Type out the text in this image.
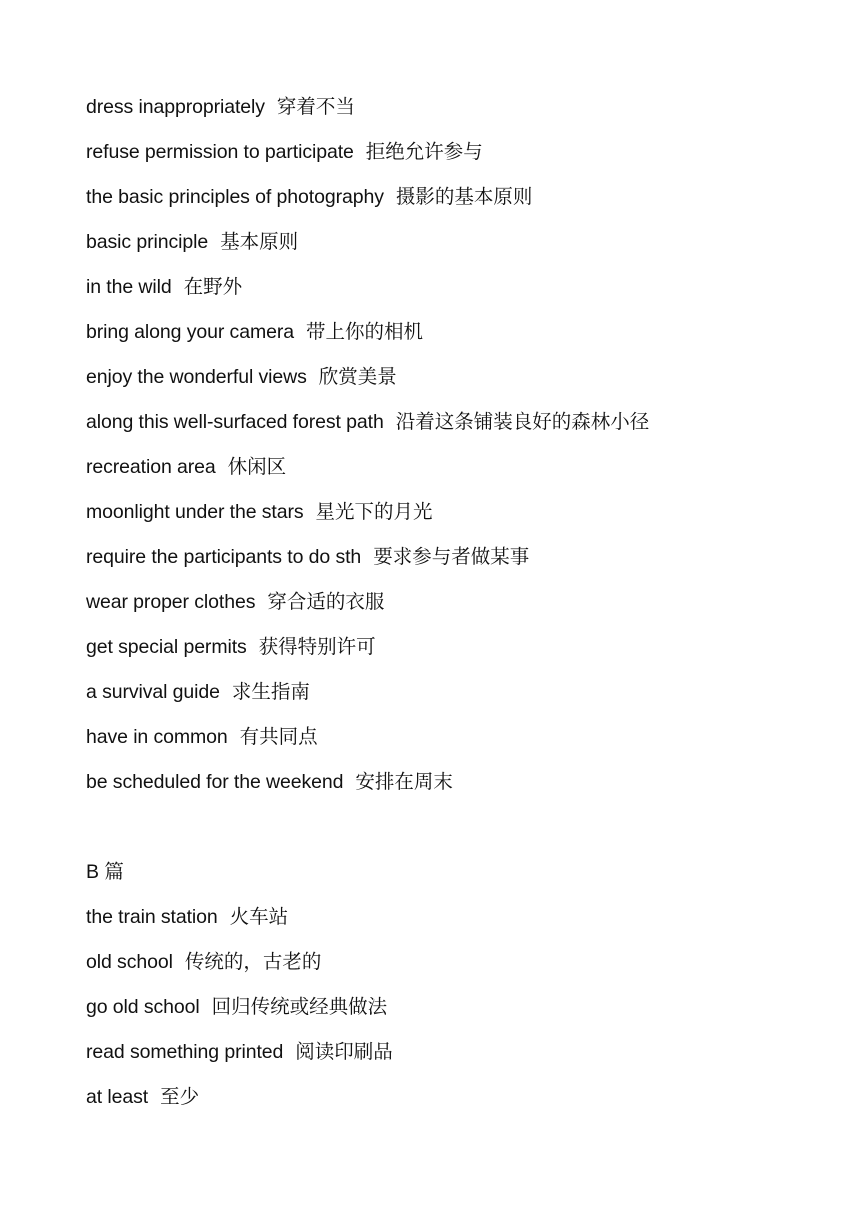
dress inappropriately 穿着不当
refuse permission to participate 拒绝允许参与
the basic principles of photography 摄影的基本原则
basic principle 基本原则
in the wild 在野外
bring along your camera 带上你的相机
enjoy the wonderful views 欣赏美景
along this well-surfaced forest path 沿着这条铺装良好的森林小径
recreation area 休闲区
moonlight under the stars 星光下的月光
require the participants to do sth 要求参与者做某事
wear proper clothes 穿合适的衣服
get special permits 获得特别许可
a survival guide 求生指南
have in common 有共同点
be scheduled for the weekend 安排在周末
B 篇
the train station 火车站
old school 传统的，古老的
go old school 回归传统或经典做法
read something printed 阅读印刷品
at least 至少
